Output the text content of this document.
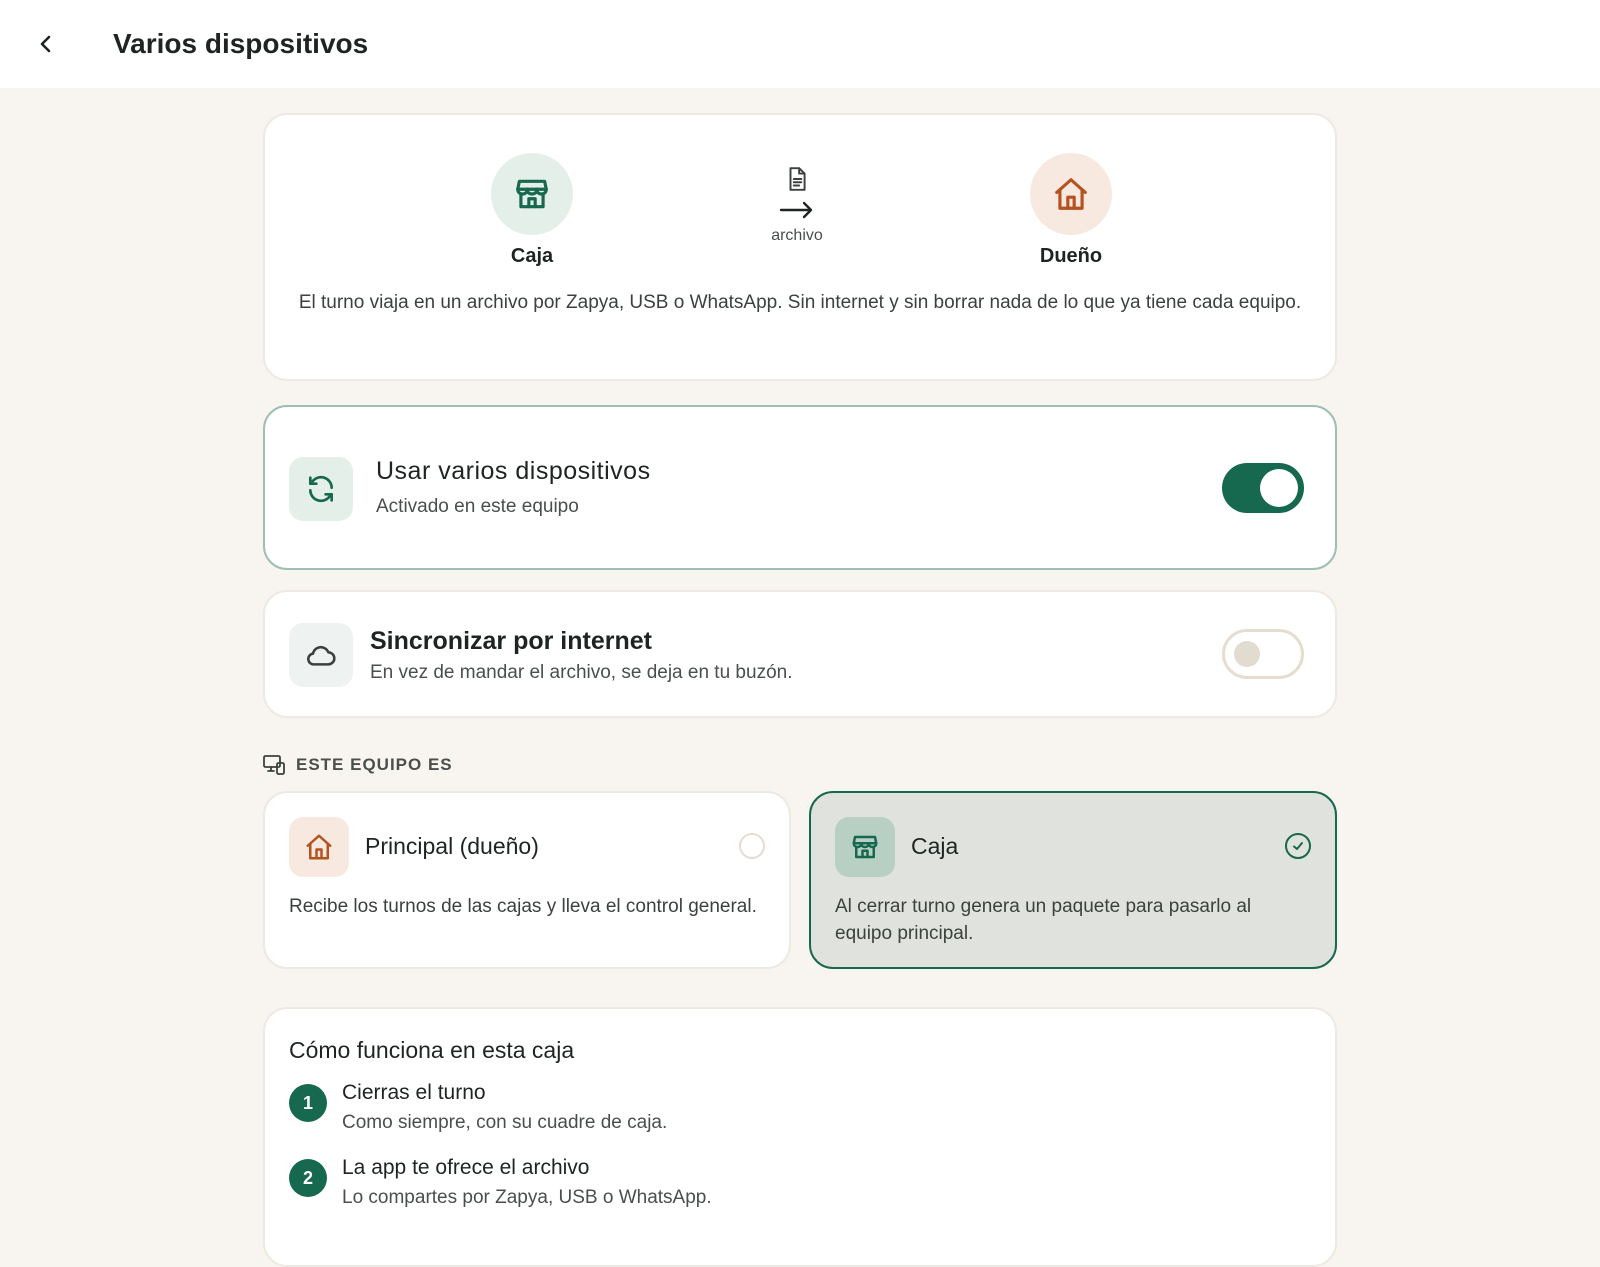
Varios dispositivos
Caja
archivo
Dueño
El turno viaja en un archivo por Zapya, USB o WhatsApp. Sin internet y sin borrar nada de lo que ya tiene cada equipo.
Usar varios dispositivos
Activado en este equipo
Sincronizar por internet
En vez de mandar el archivo, se deja en tu buzón.
ESTE EQUIPO ES
Principal (dueño)
Recibe los turnos de las cajas y lleva el control general.
Caja
Al cerrar turno genera un paquete para pasarlo al equipo principal.
Cómo funciona en esta caja
1	Cierras el turno
Como siempre, con su cuadre de caja.
2	La app te ofrece el archivo
Lo compartes por Zapya, USB o WhatsApp.
